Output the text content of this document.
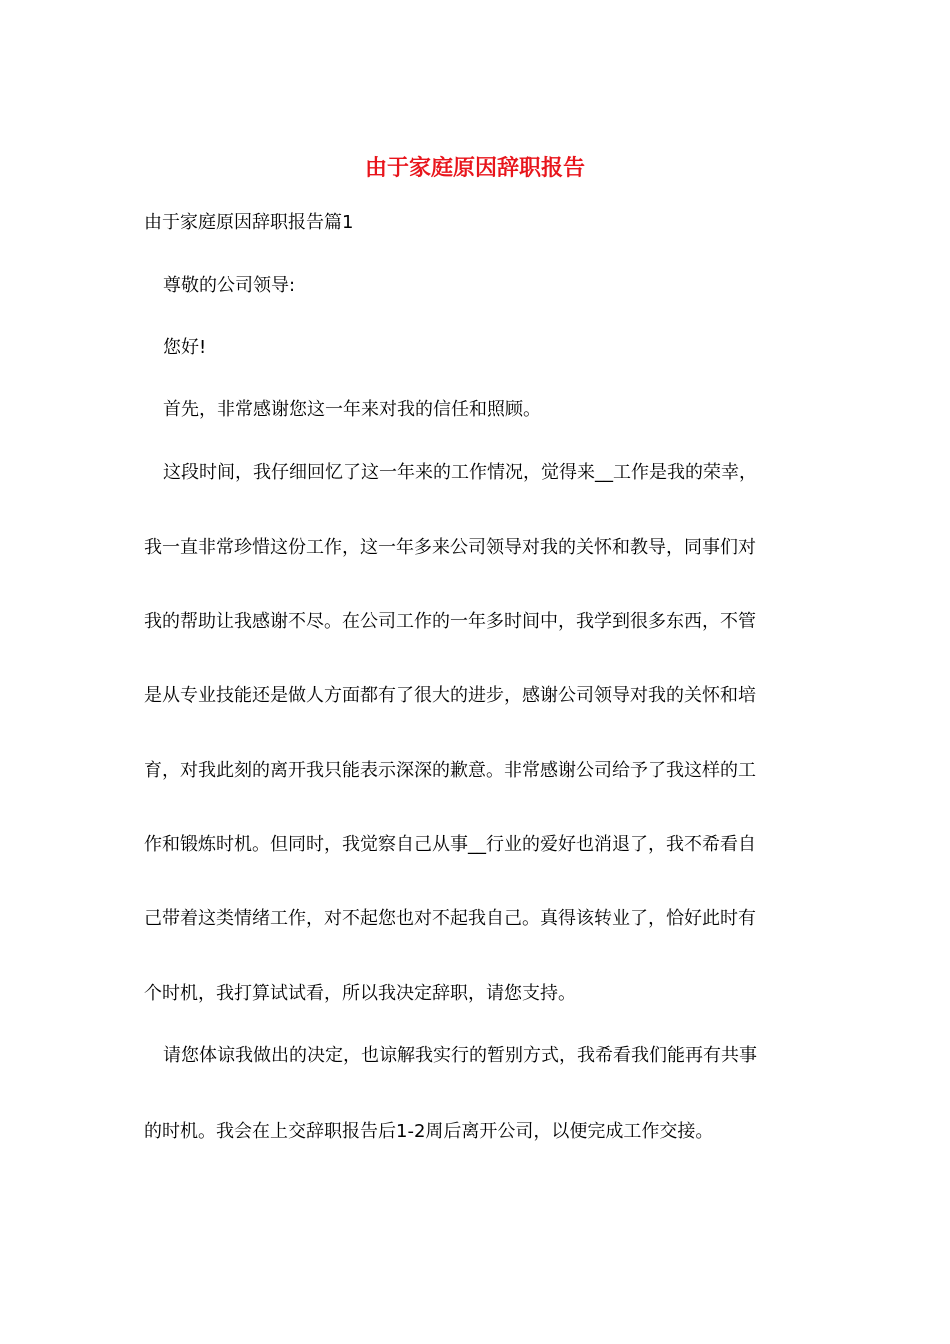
由于家庭原因辞职报告
由于家庭原因辞职报告篇1
尊敬的公司领导:
您好!
首先，非常感谢您这一年来对我的信任和照顾。
这段时间，我仔细回忆了这一年来的工作情况，觉得来__工作是我的荣幸，
我一直非常珍惜这份工作，这一年多来公司领导对我的关怀和教导，同事们对
我的帮助让我感谢不尽。在公司工作的一年多时间中，我学到很多东西，不管
是从专业技能还是做人方面都有了很大的进步，感谢公司领导对我的关怀和培
育，对我此刻的离开我只能表示深深的歉意。非常感谢公司给予了我这样的工
作和锻炼时机。但同时，我觉察自己从事__行业的爱好也消退了，我不希看自
己带着这类情绪工作，对不起您也对不起我自己。真得该转业了，恰好此时有
个时机，我打算试试看，所以我决定辞职，请您支持。
请您体谅我做出的决定，也谅解我实行的暂别方式，我希看我们能再有共事
的时机。我会在上交辞职报告后1-2周后离开公司，以便完成工作交接。
